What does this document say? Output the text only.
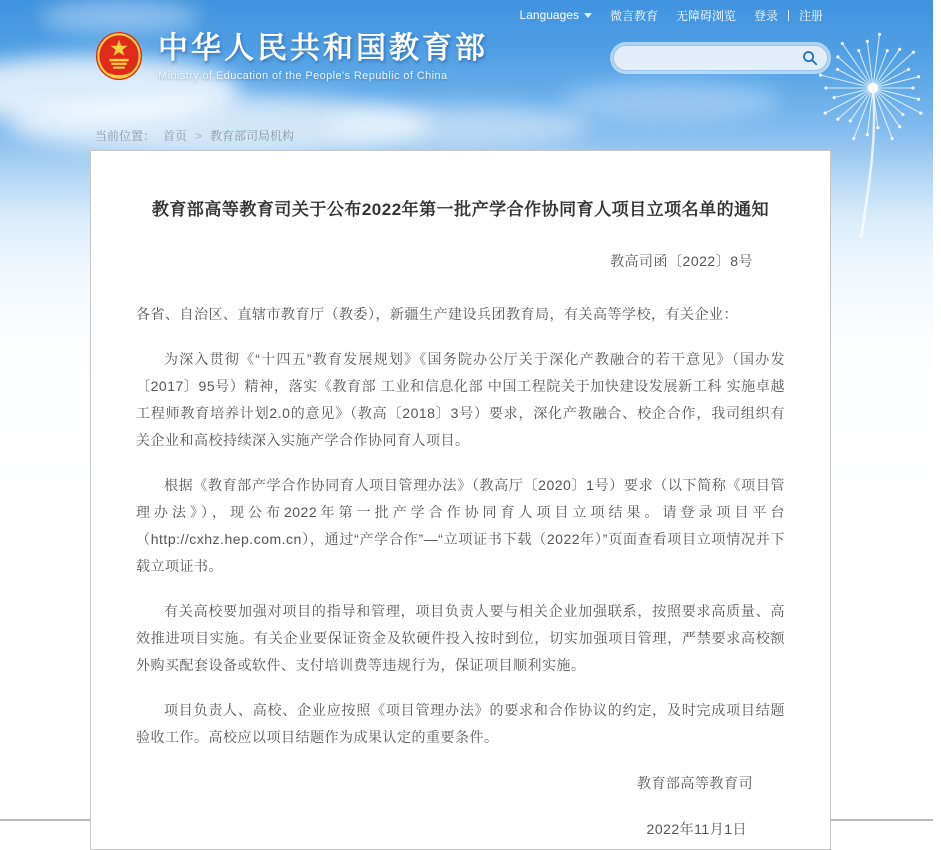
Languages	微言教育 无障碍浏览 登录 注册
中华人民共和国教育部
Ministry of Education of the People's Republic of China
当前位置： 首页 > 教育部司局机构
教育部高等教育司关于公布2022年第一批产学合作协同育人项目立项名单的通知
教高司函〔2022〕8号
各省、自治区、直辖市教育厅（教委），新疆生产建设兵团教育局，有关高等学校，有关企业：

为深入贯彻《“十四五”教育发展规划》《国务院办公厅关于深化产教融合的若干意见》（国办发〔2017〕95号）精神，落实《教育部 工业和信息化部 中国工程院关于加快建设发展新工科 实施卓越工程师教育培养计划2.0的意见》（教高〔2018〕3号）要求，深化产教融合、校企合作，我司组织有关企业和高校持续深入实施产学合作协同育人项目。

根据《教育部产学合作协同育人项目管理办法》（教高厅〔2020〕1号）要求（以下简称《项目管理办法》），现公布2022年第一批产学合作协同育人项目立项结果。请登录项目平台（http://cxhz.hep.com.cn），通过“产学合作”—“立项证书下载（2022年）”页面查看项目立项情况并下载立项证书。

有关高校要加强对项目的指导和管理，项目负责人要与相关企业加强联系，按照要求高质量、高效推进项目实施。有关企业要保证资金及软硬件投入按时到位，切实加强项目管理，严禁要求高校额外购买配套设备或软件、支付培训费等违规行为，保证项目顺利实施。

项目负责人、高校、企业应按照《项目管理办法》的要求和合作协议的约定，及时完成项目结题验收工作。高校应以项目结题作为成果认定的重要条件。

教育部高等教育司
2022年11月1日
